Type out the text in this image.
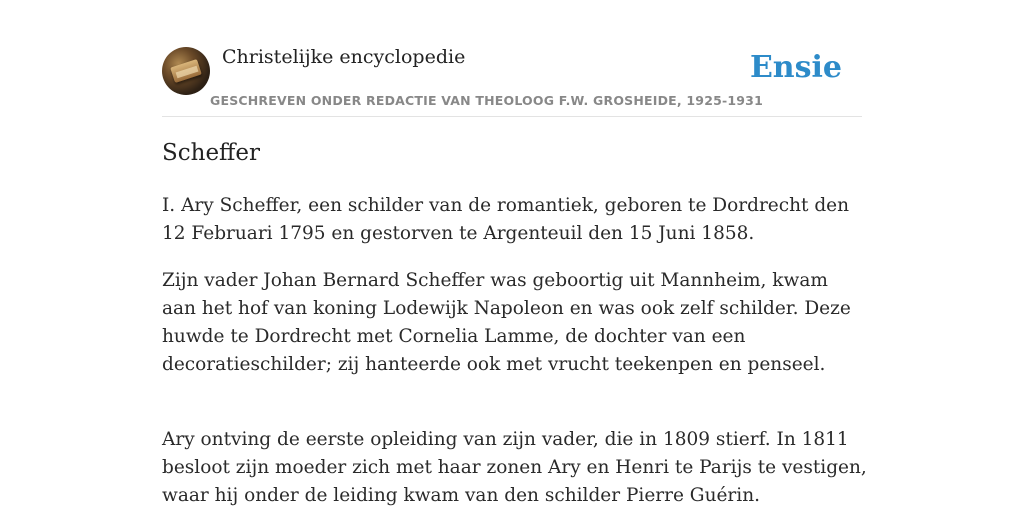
Christelijke encyclopedie
GESCHREVEN ONDER REDACTIE VAN THEOLOOG F.W. GROSHEIDE, 1925-1931
Ensie
Scheffer

I. Ary Scheffer, een schilder van de romantiek, geboren te Dordrecht den 12 Februari 1795 en gestorven te Argenteuil den 15 Juni 1858.

Zijn vader Johan Bernard Scheffer was geboortig uit Mannheim, kwam aan het hof van koning Lodewijk Napoleon en was ook zelf schilder. Deze huwde te Dordrecht met Cornelia Lamme, de dochter van een decoratieschilder; zij hanteerde ook met vrucht teekenpen en penseel.

Ary ontving de eerste opleiding van zijn vader, die in 1809 stierf. In 1811 besloot zijn moeder zich met haar zonen Ary en Henri te Parijs te vestigen, waar hij onder de leiding kwam van den schilder Pierre Guérin.
